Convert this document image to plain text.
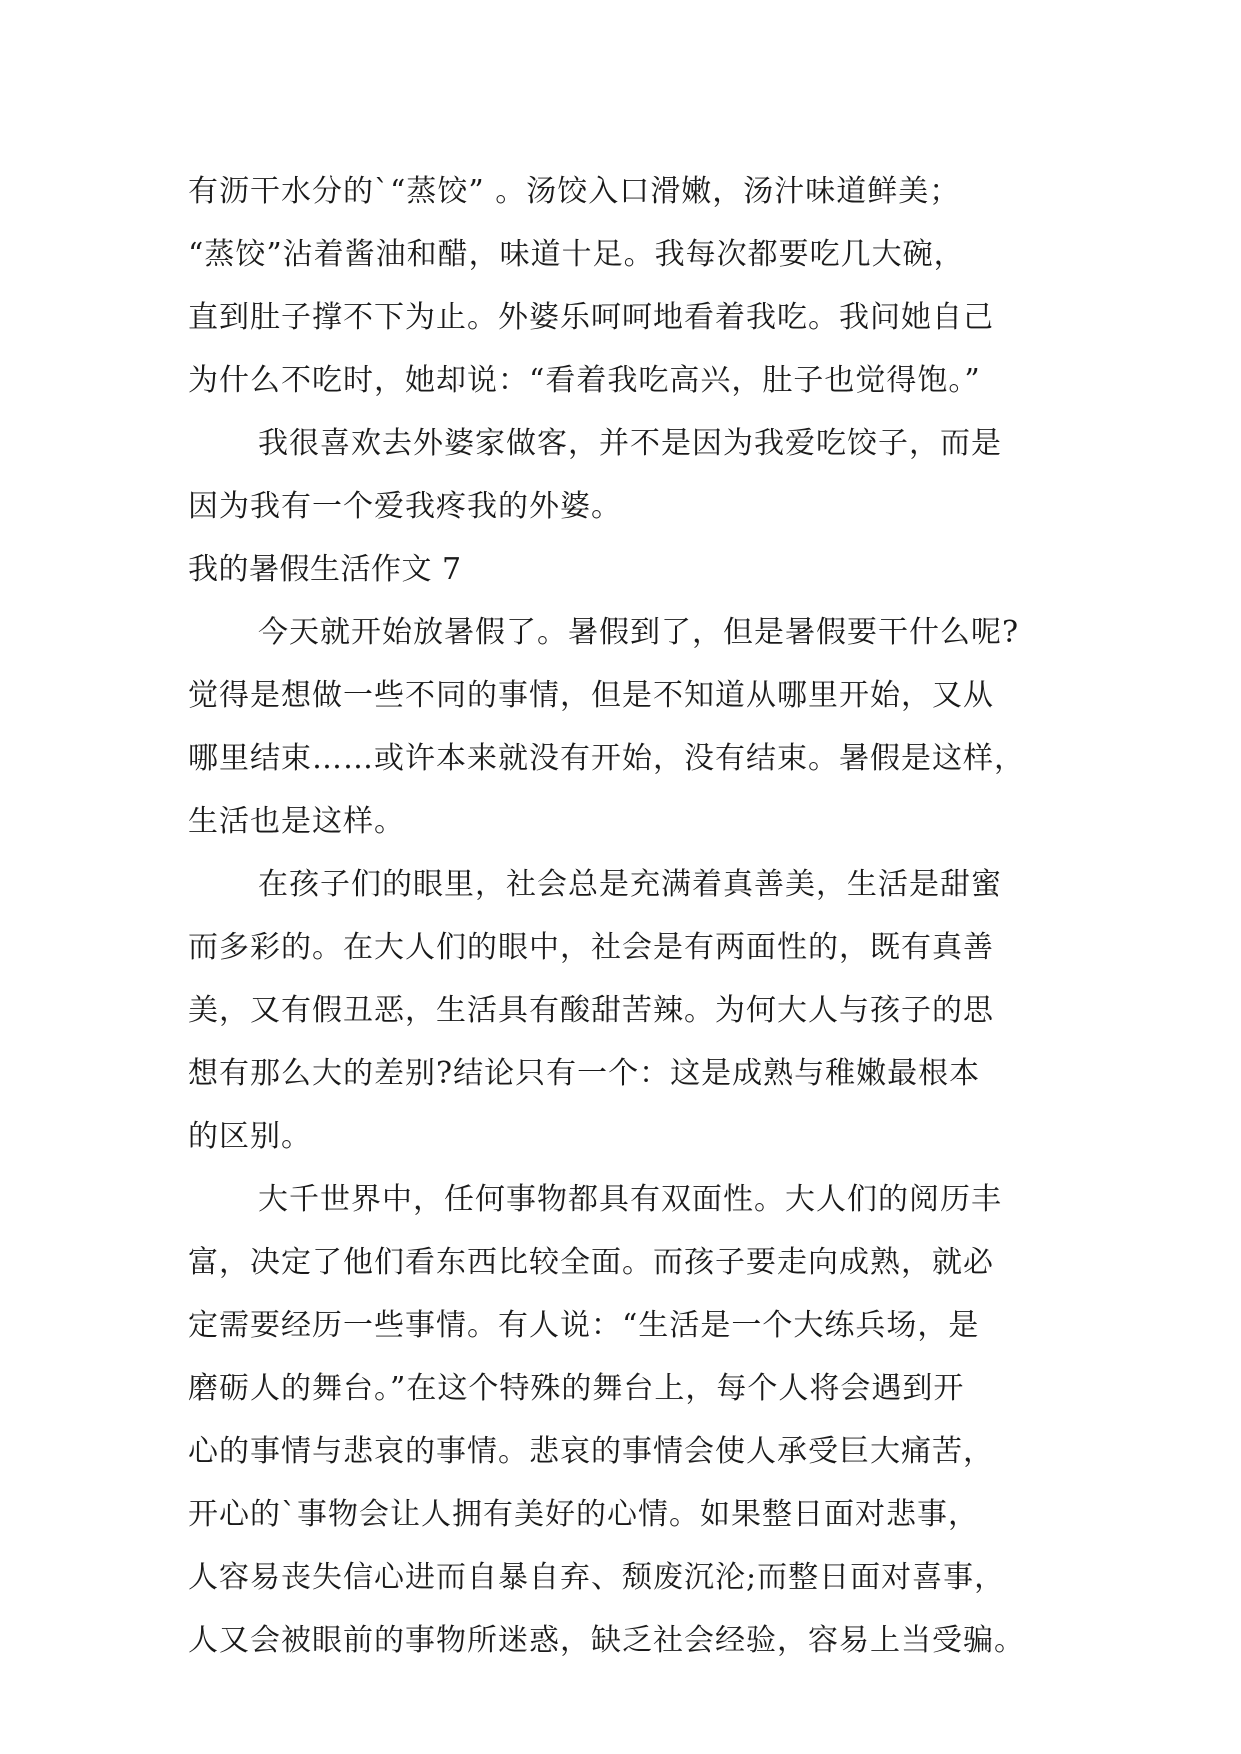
有沥干水分的`“蒸饺” 。汤饺入口滑嫩，汤汁味道鲜美；
“蒸饺”沾着酱油和醋，味道十足。我每次都要吃几大碗，
直到肚子撑不下为止。外婆乐呵呵地看着我吃。我问她自己
为什么不吃时，她却说：“看着我吃高兴，肚子也觉得饱。”
我很喜欢去外婆家做客，并不是因为我爱吃饺子，而是
因为我有一个爱我疼我的外婆。
我的暑假生活作文 7
今天就开始放暑假了。暑假到了，但是暑假要干什么呢?
觉得是想做一些不同的事情，但是不知道从哪里开始，又从
哪里结束……或许本来就没有开始，没有结束。暑假是这样，
生活也是这样。
在孩子们的眼里，社会总是充满着真善美，生活是甜蜜
而多彩的。在大人们的眼中，社会是有两面性的，既有真善
美，又有假丑恶，生活具有酸甜苦辣。为何大人与孩子的思
想有那么大的差别?结论只有一个：这是成熟与稚嫩最根本
的区别。
大千世界中，任何事物都具有双面性。大人们的阅历丰
富，决定了他们看东西比较全面。而孩子要走向成熟，就必
定需要经历一些事情。有人说：“生活是一个大练兵场，是
磨砺人的舞台。”在这个特殊的舞台上，每个人将会遇到开
心的事情与悲哀的事情。悲哀的事情会使人承受巨大痛苦，
开心的`事物会让人拥有美好的心情。如果整日面对悲事，
人容易丧失信心进而自暴自弃、颓废沉沦;而整日面对喜事，
人又会被眼前的事物所迷惑，缺乏社会经验，容易上当受骗。
